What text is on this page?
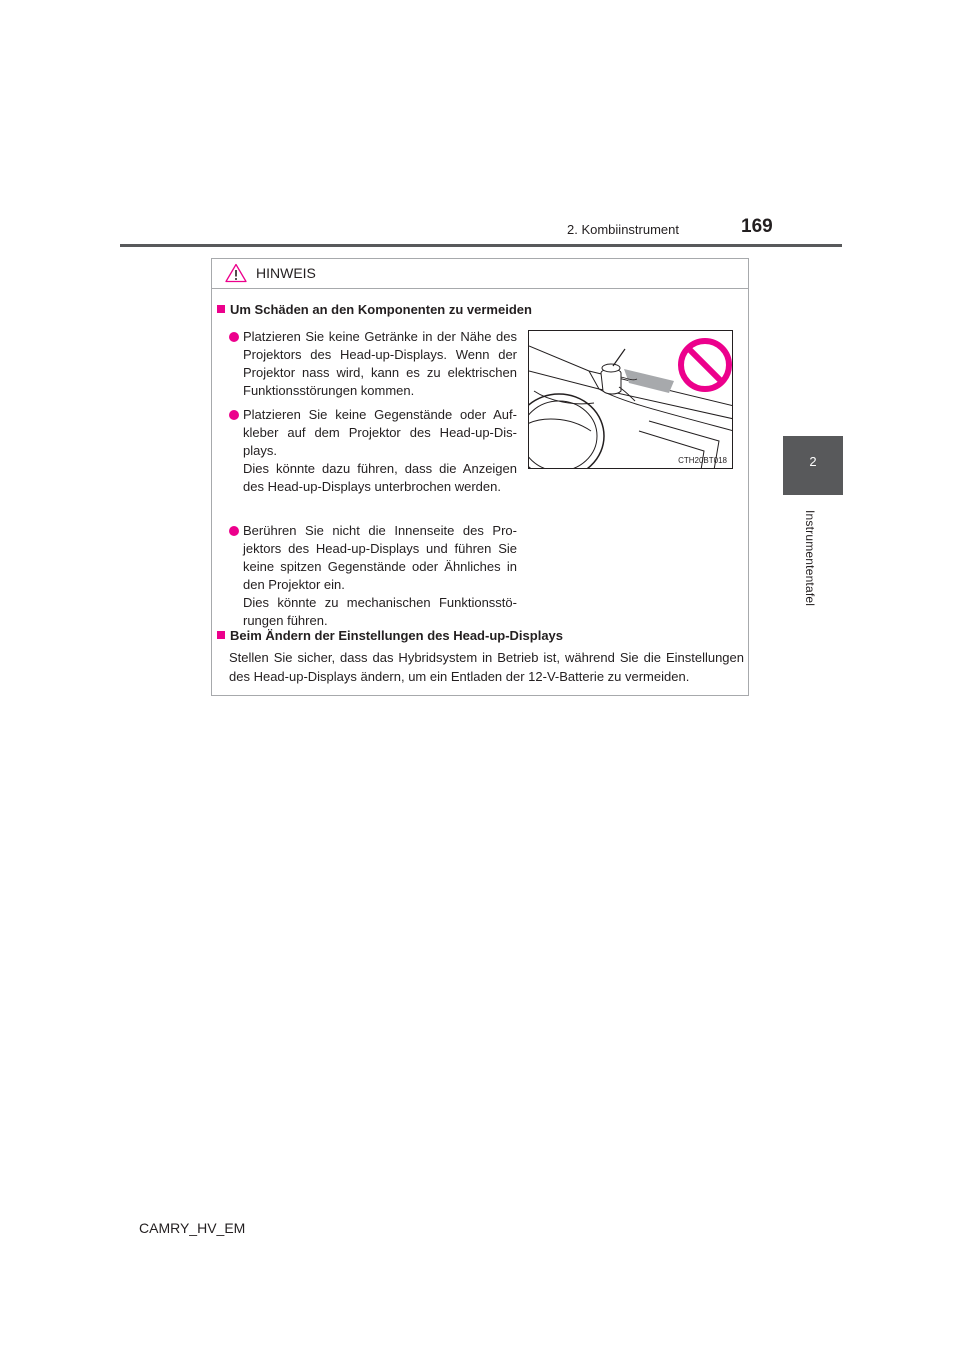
2. Kombiinstrument	169
2
Instrumententafel
HINWEIS
Um Schäden an den Komponenten zu vermeiden

Platzieren Sie keine Getränke in der Nähe des Projektors des Head-up-Displays. Wenn der Projektor nass wird, kann es zu elektrischen Funktionsstörungen kommen.

Platzieren Sie keine Gegenstände oder Aufkleber auf dem Projektor des Head-up-Displays.
Dies könnte dazu führen, dass die Anzeigen des Head-up-Displays unterbrochen werden.

Berühren Sie nicht die Innenseite des Projektors des Head-up-Displays und führen Sie keine spitzen Gegenstände oder Ähnliches in den Projektor ein.
Dies könnte zu mechanischen Funktionsstörungen führen.

CTH20BT018
Beim Ändern der Einstellungen des Head-up-Displays
Stellen Sie sicher, dass das Hybridsystem in Betrieb ist, während Sie die Einstellungen des Head-up-Displays ändern, um ein Entladen der 12-V-Batterie zu vermeiden.
CAMRY_HV_EM
